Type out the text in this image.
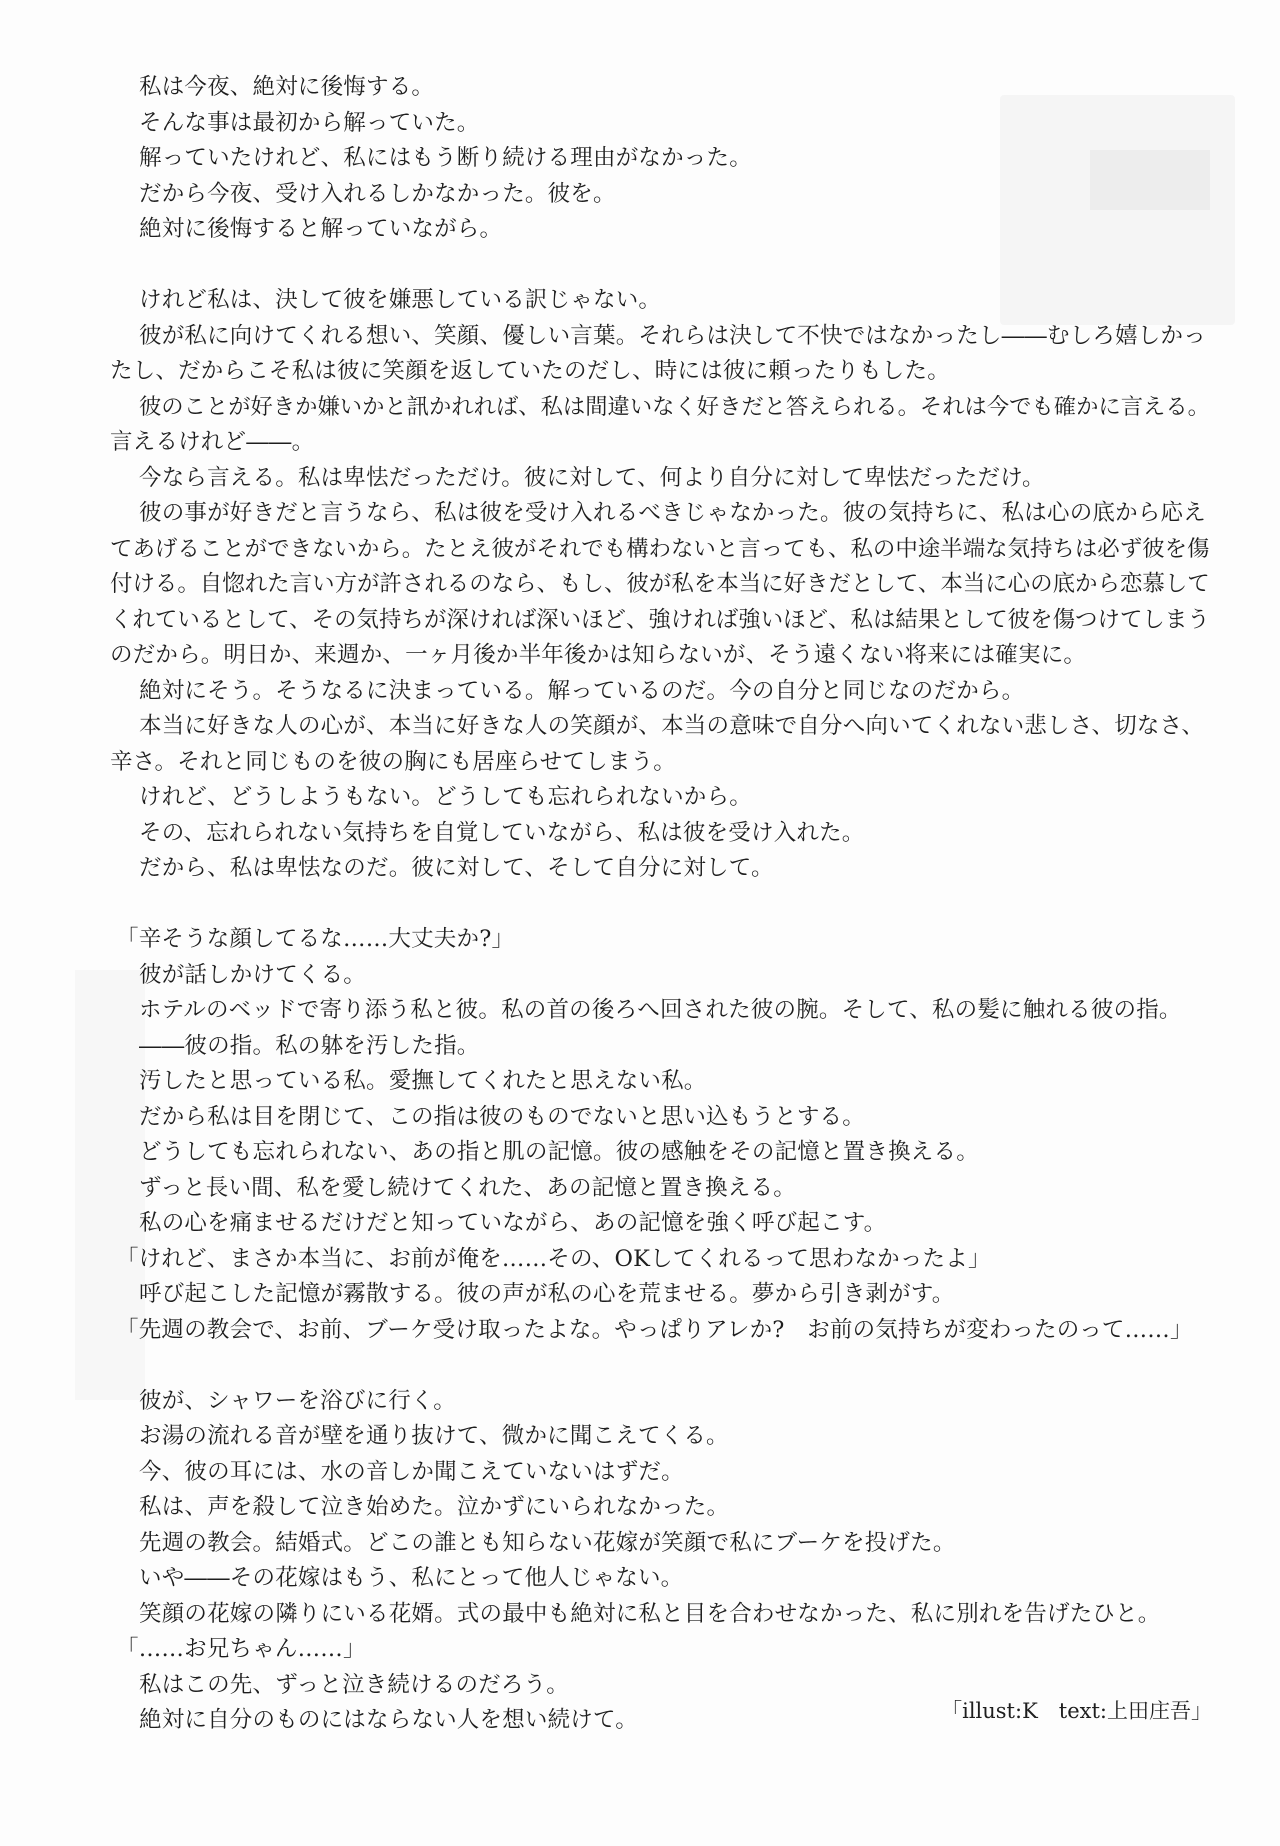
私は今夜、絶対に後悔する。
そんな事は最初から解っていた。
解っていたけれど、私にはもう断り続ける理由がなかった。
だから今夜、受け入れるしかなかった。彼を。
絶対に後悔すると解っていながら。
けれど私は、決して彼を嫌悪している訳じゃない。
彼が私に向けてくれる想い、笑顔、優しい言葉。それらは決して不快ではなかったし――むしろ嬉しかっ
たし、だからこそ私は彼に笑顔を返していたのだし、時には彼に頼ったりもした。
彼のことが好きか嫌いかと訊かれれば、私は間違いなく好きだと答えられる。それは今でも確かに言える。
言えるけれど――。
今なら言える。私は卑怯だっただけ。彼に対して、何より自分に対して卑怯だっただけ。
彼の事が好きだと言うなら、私は彼を受け入れるべきじゃなかった。彼の気持ちに、私は心の底から応え
てあげることができないから。たとえ彼がそれでも構わないと言っても、私の中途半端な気持ちは必ず彼を傷
付ける。自惚れた言い方が許されるのなら、もし、彼が私を本当に好きだとして、本当に心の底から恋慕して
くれているとして、その気持ちが深ければ深いほど、強ければ強いほど、私は結果として彼を傷つけてしまう
のだから。明日か、来週か、一ヶ月後か半年後かは知らないが、そう遠くない将来には確実に。
絶対にそう。そうなるに決まっている。解っているのだ。今の自分と同じなのだから。
本当に好きな人の心が、本当に好きな人の笑顔が、本当の意味で自分へ向いてくれない悲しさ、切なさ、
辛さ。それと同じものを彼の胸にも居座らせてしまう。
けれど、どうしようもない。どうしても忘れられないから。
その、忘れられない気持ちを自覚していながら、私は彼を受け入れた。
だから、私は卑怯なのだ。彼に対して、そして自分に対して。
「辛そうな顔してるな……大丈夫か?」
彼が話しかけてくる。
ホテルのベッドで寄り添う私と彼。私の首の後ろへ回された彼の腕。そして、私の髪に触れる彼の指。
――彼の指。私の躰を汚した指。
汚したと思っている私。愛撫してくれたと思えない私。
だから私は目を閉じて、この指は彼のものでないと思い込もうとする。
どうしても忘れられない、あの指と肌の記憶。彼の感触をその記憶と置き換える。
ずっと長い間、私を愛し続けてくれた、あの記憶と置き換える。
私の心を痛ませるだけだと知っていながら、あの記憶を強く呼び起こす。
「けれど、まさか本当に、お前が俺を……その、OKしてくれるって思わなかったよ」
呼び起こした記憶が霧散する。彼の声が私の心を荒ませる。夢から引き剥がす。
「先週の教会で、お前、ブーケ受け取ったよな。やっぱりアレか?　お前の気持ちが変わったのって……」
彼が、シャワーを浴びに行く。
お湯の流れる音が壁を通り抜けて、微かに聞こえてくる。
今、彼の耳には、水の音しか聞こえていないはずだ。
私は、声を殺して泣き始めた。泣かずにいられなかった。
先週の教会。結婚式。どこの誰とも知らない花嫁が笑顔で私にブーケを投げた。
いや――その花嫁はもう、私にとって他人じゃない。
笑顔の花嫁の隣りにいる花婿。式の最中も絶対に私と目を合わせなかった、私に別れを告げたひと。
「……お兄ちゃん……」
私はこの先、ずっと泣き続けるのだろう。
絶対に自分のものにはならない人を想い続けて。	「illust:K　text:上田庄吾」
